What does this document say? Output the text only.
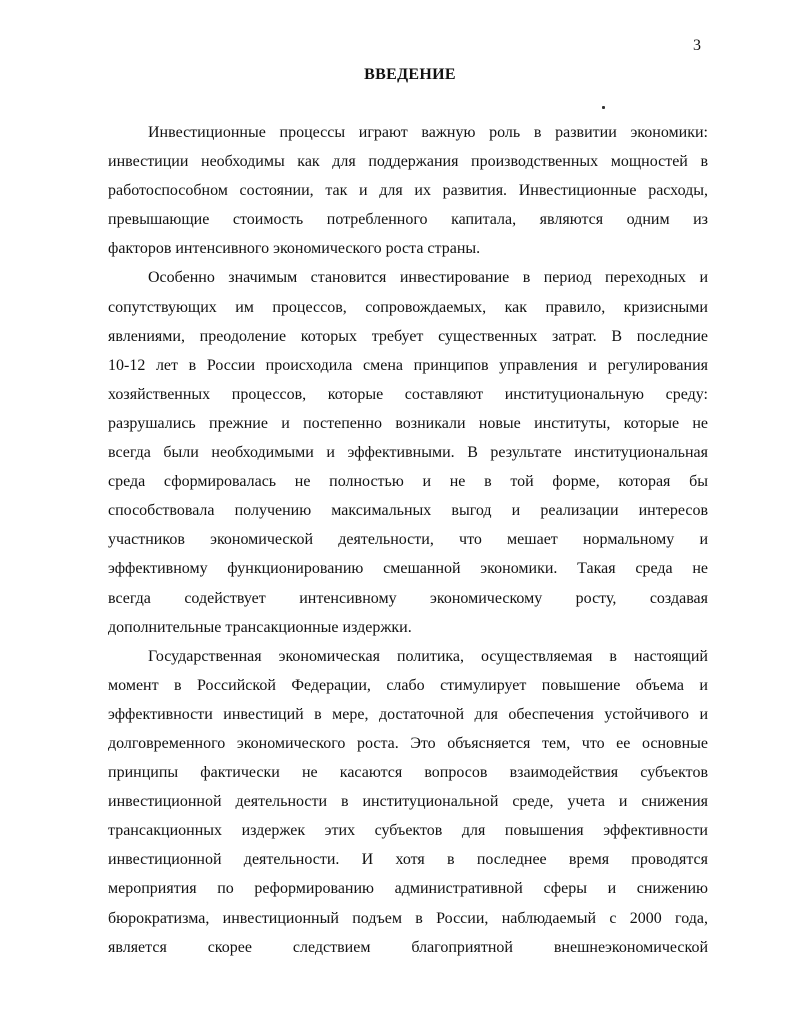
3
ВВЕДЕНИЕ
Инвестиционные процессы играют важную роль в развитии экономики:
инвестиции необходимы как для поддержания производственных мощностей в
работоспособном состоянии, так и для их развития. Инвестиционные расходы,
превышающие стоимость потребленного капитала, являются одним из
факторов интенсивного экономического роста страны.
Особенно значимым становится инвестирование в период переходных и
сопутствующих им процессов, сопровождаемых, как правило, кризисными
явлениями, преодоление которых требует существенных затрат. В последние
10-12 лет в России происходила смена принципов управления и регулирования
хозяйственных процессов, которые составляют институциональную среду:
разрушались прежние и постепенно возникали новые институты, которые не
всегда были необходимыми и эффективными. В результате институциональная
среда сформировалась не полностью и не в той форме, которая бы
способствовала получению максимальных выгод и реализации интересов
участников экономической деятельности, что мешает нормальному и
эффективному функционированию смешанной экономики. Такая среда не
всегда содействует интенсивному экономическому росту, создавая
дополнительные трансакционные издержки.
Государственная экономическая политика, осуществляемая в настоящий
момент в Российской Федерации, слабо стимулирует повышение объема и
эффективности инвестиций в мере, достаточной для обеспечения устойчивого и
долговременного экономического роста. Это объясняется тем, что ее основные
принципы фактически не касаются вопросов взаимодействия субъектов
инвестиционной деятельности в институциональной среде, учета и снижения
трансакционных издержек этих субъектов для повышения эффективности
инвестиционной деятельности. И хотя в последнее время проводятся
мероприятия по реформированию административной сферы и снижению
бюрократизма, инвестиционный подъем в России, наблюдаемый с 2000 года,
является скорее следствием благоприятной внешнеэкономической
